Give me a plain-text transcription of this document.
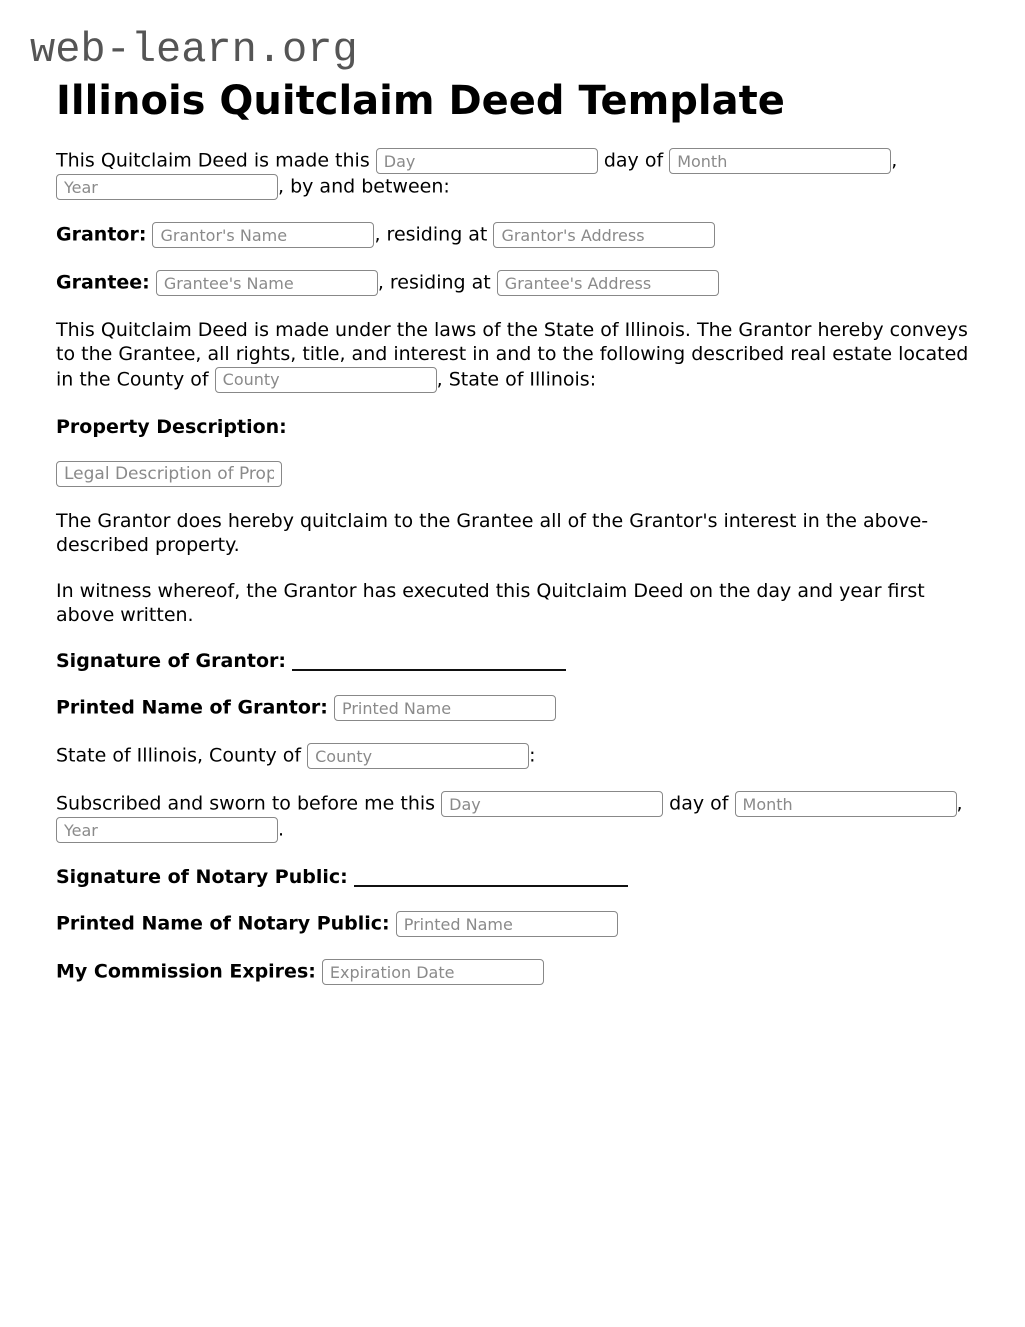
web-learn.org
Illinois Quitclaim Deed Template

This Quitclaim Deed is made this Day	day of Month	, Year, by and between:

Grantor: Grantor's Name	, residing at Grantor's Address

Grantee: Grantee's Name	, residing at Grantee's Address

This Quitclaim Deed is made under the laws of the State of Illinois. The Grantor hereby conveys to the Grantee, all rights, title, and interest in and to the following described real estate located in the County of County	, State of Illinois:

Property Description:

Legal Description of Property

The Grantor does hereby quitclaim to the Grantee all of the Grantor's interest in the above-described property.

In witness whereof, the Grantor has executed this Quitclaim Deed on the day and year first above written.

Signature of Grantor:

Printed Name of Grantor: Printed Name

State of Illinois, County of County	:

Subscribed and sworn to before me this Day	day of Month	, Year.

Signature of Notary Public:

Printed Name of Notary Public: Printed Name

My Commission Expires: Expiration Date
